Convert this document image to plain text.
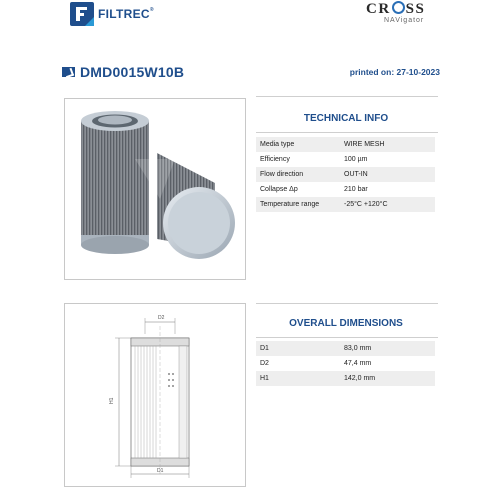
FILTREC®	CR SS
NAVigator
DMD0015W10B	printed on: 27-10-2023
TECHNICAL INFO
Media type	WIRE MESH
Efficiency	100 µm
Flow direction	OUT-IN
Collapse Δp	210 bar
Temperature range	-25°C +120°C
D2
H1
D1
OVERALL DIMENSIONS
D1	83,0 mm
D2	47,4 mm
H1	142,0 mm
